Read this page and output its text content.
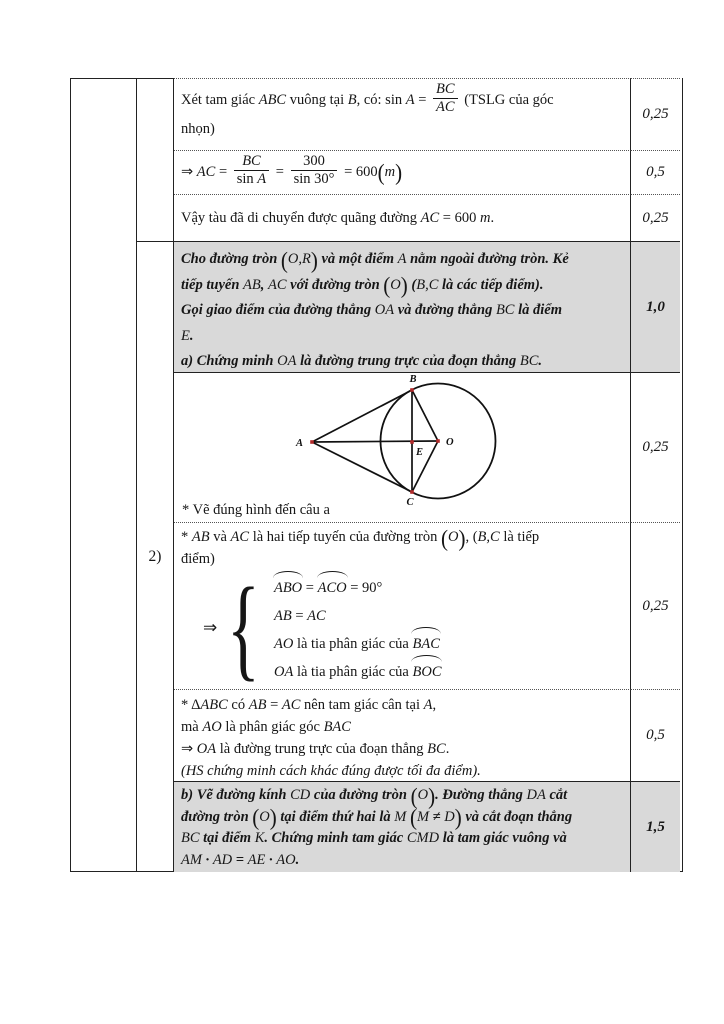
2)
Xét tam giác ABC vuông tại B, có: $\sin A = \frac{BC}{AC}$ (TSLG của góc
nhọn)
0,25
⇒ AC = $\frac{BC}{\text{sin A}} = \frac{300}{\sin 30^\circ} = 600(m)$	0,5
Vậy tàu đã di chuyển được quãng đường AC = 600 m.	0,25
Cho đường tròn (O,R) và một điểm A nằm ngoài đường tròn. Kẻ
tiếp tuyến AB, AC với đường tròn (O) (B,C là các tiếp điểm).
Gọi giao điểm của đường thẳng OA và đường thẳng BC là điểm
E.
a) Chứng minh OA là đường trung trực của đoạn thẳng BC.
1,0
A
B
C
E
O
* Vẽ đúng hình đến câu a
0,25
* AB và AC là hai tiếp tuyến của đường tròn (O), (B,C là tiếp
điểm)
⇒ { ABO = ACO = 90°
AB = AC
AO là tia phân giác của BAC
OA là tia phân giác của BOC
0,25
* ΔABC có AB = AC nên tam giác cân tại A,
mà AO là phân giác góc BAC
⇒ OA là đường trung trực của đoạn thẳng BC.
(HS chứng minh cách khác đúng được tối đa điểm).
0,5
b) Vẽ đường kính CD của đường tròn (O). Đường thẳng DA cắt
đường tròn (O) tại điểm thứ hai là M (M ≠ D) và cắt đoạn thẳng
BC tại điểm K. Chứng minh tam giác CMD là tam giác vuông và
AM · AD = AE · AO.
1,5
